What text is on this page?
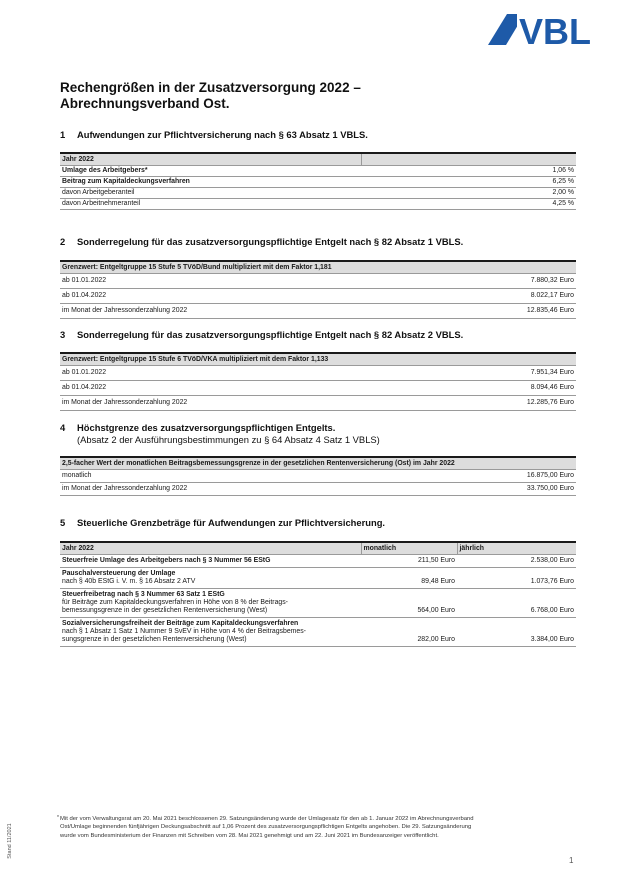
VBL
Rechengrößen in der Zusatzversorgung 2022 –
Abrechnungsverband Ost.
1 Aufwendungen zur Pflichtversicherung nach § 63 Absatz 1 VBLS.
Jahr 2022	
Umlage des Arbeitgebers*	1,06 %
Beitrag zum Kapitaldeckungsverfahren	6,25 %
davon Arbeitgeberanteil	2,00 %
davon Arbeitnehmeranteil	4,25 %
2 Sonderregelung für das zusatzversorgungspflichtige Entgelt nach § 82 Absatz 1 VBLS.
Grenzwert: Entgeltgruppe 15 Stufe 5 TVöD/Bund multipliziert mit dem Faktor 1,181	
ab 01.01.2022	7.880,32 Euro
ab 01.04.2022	8.022,17 Euro
im Monat der Jahressonderzahlung 2022	12.835,46 Euro
3 Sonderregelung für das zusatzversorgungspflichtige Entgelt nach § 82 Absatz 2 VBLS.
Grenzwert: Entgeltgruppe 15 Stufe 6 TVöD/VKA multipliziert mit dem Faktor 1,133	
ab 01.01.2022	7.951,34 Euro
ab 01.04.2022	8.094,46 Euro
im Monat der Jahressonderzahlung 2022	12.285,76 Euro
4 Höchstgrenze des zusatzversorgungspflichtigen Entgelts.
(Absatz 2 der Ausführungsbestimmungen zu § 64 Absatz 4 Satz 1 VBLS)
2,5-facher Wert der monatlichen Beitragsbemessungsgrenze in der gesetzlichen Rentenversicherung (Ost) im Jahr 2022	
monatlich	16.875,00 Euro
im Monat der Jahressonderzahlung 2022	33.750,00 Euro
5 Steuerliche Grenzbeträge für Aufwendungen zur Pflichtversicherung.
Jahr 2022	monatlich	jährlich
Steuerfreie Umlage des Arbeitgebers nach § 3 Nummer 56 EStG	211,50 Euro	2.538,00 Euro

Pauschalversteuerung der Umlage
nach § 40b EStG i. V. m. § 16 Absatz 2 ATV	89,48 Euro	1.073,76 Euro

Steuerfreibetrag nach § 3 Nummer 63 Satz 1 EStG
für Beiträge zum Kapitaldeckungsverfahren in Höhe von 8 % der Beitrags-
bemessungsgrenze in der gesetzlichen Rentenversicherung (West)	564,00 Euro	6.768,00 Euro

Sozialversicherungsfreiheit der Beiträge zum Kapitaldeckungsverfahren
nach § 1 Absatz 1 Satz 1 Nummer 9 SvEV in Höhe von 4 % der Beitragsbemes-
sungsgrenze in der gesetzlichen Rentenversicherung (West)	282,00 Euro	3.384,00 Euro
* Mit der vom Verwaltungsrat am 20. Mai 2021 beschlossenen 29. Satzungsänderung wurde der Umlagesatz für den ab 1. Januar 2022 im Abrechnungsverband
Ost/Umlage beginnenden fünfjährigen Deckungsabschnitt auf 1,06 Prozent des zusatzversorgungspflichtigen Entgelts angehoben. Die 29. Satzungsänderung
wurde vom Bundesministerium der Finanzen mit Schreiben vom 28. Mai 2021 genehmigt und am 22. Juni 2021 im Bundesanzeiger veröffentlicht.
Stand 11/2021
1
